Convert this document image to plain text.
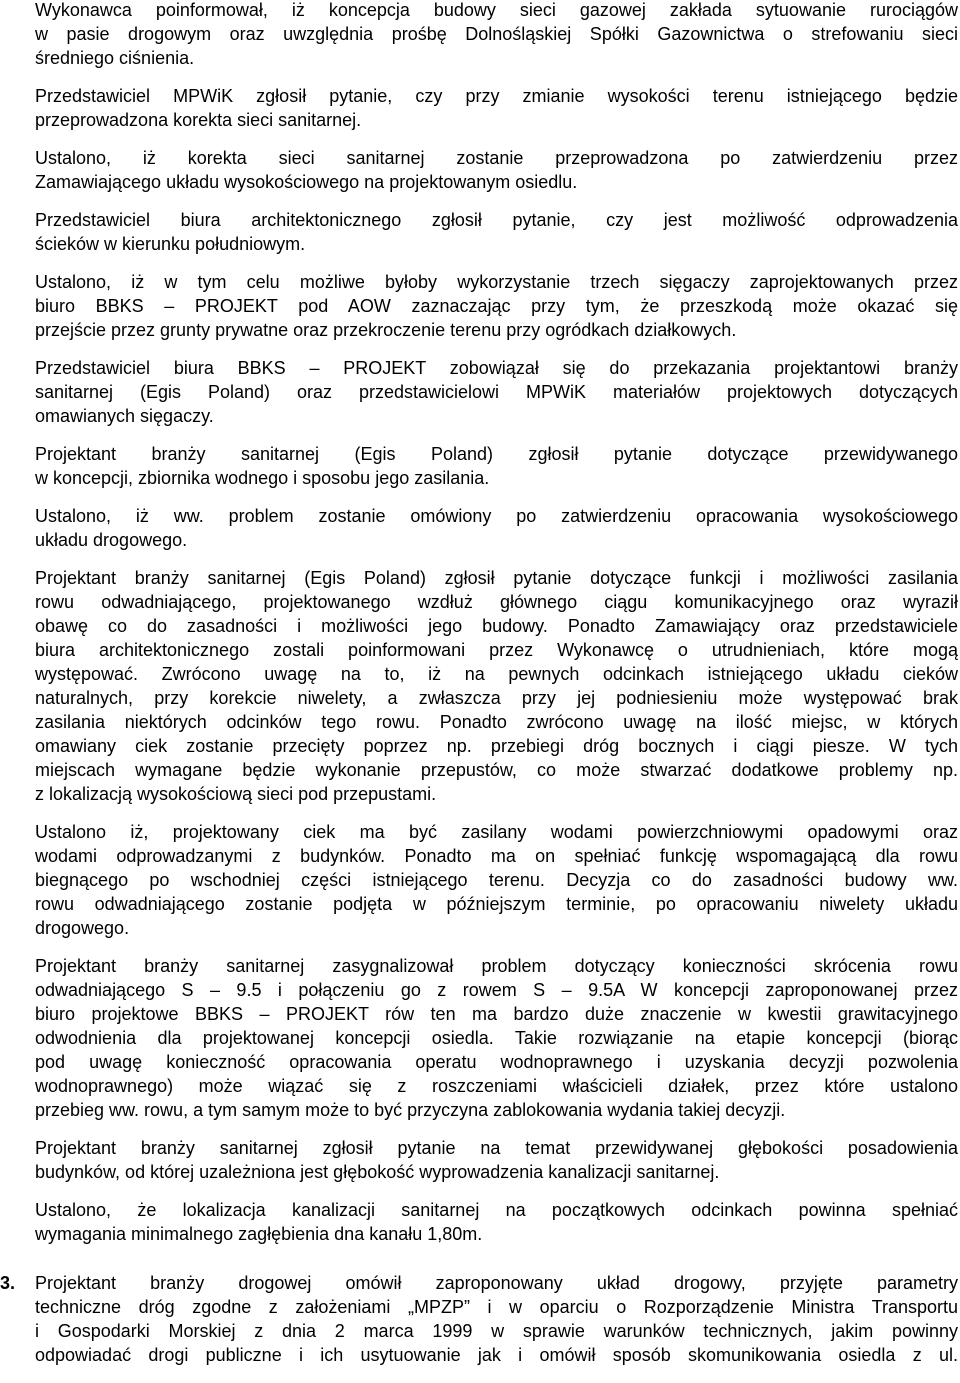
Wykonawca poinformował, iż koncepcja budowy sieci gazowej zakłada sytuowanie rurociągów
w pasie drogowym oraz uwzględnia prośbę Dolnośląskiej Spółki Gazownictwa o strefowaniu sieci
średniego ciśnienia.
Przedstawiciel MPWiK zgłosił pytanie, czy przy zmianie wysokości terenu istniejącego będzie
przeprowadzona korekta sieci sanitarnej.
Ustalono, iż korekta sieci sanitarnej zostanie przeprowadzona po zatwierdzeniu przez
Zamawiającego układu wysokościowego na projektowanym osiedlu.
Przedstawiciel biura architektonicznego zgłosił pytanie, czy jest możliwość odprowadzenia
ścieków w kierunku południowym.
Ustalono, iż w tym celu możliwe byłoby wykorzystanie trzech sięgaczy zaprojektowanych przez
biuro BBKS – PROJEKT pod AOW zaznaczając przy tym, że przeszkodą może okazać się
przejście przez grunty prywatne oraz przekroczenie terenu przy ogródkach działkowych.
Przedstawiciel biura BBKS – PROJEKT zobowiązał się do przekazania projektantowi branży
sanitarnej (Egis Poland) oraz przedstawicielowi MPWiK materiałów projektowych dotyczących
omawianych sięgaczy.
Projektant branży sanitarnej (Egis Poland) zgłosił pytanie dotyczące przewidywanego
w koncepcji, zbiornika wodnego i sposobu jego zasilania.
Ustalono, iż ww. problem zostanie omówiony po zatwierdzeniu opracowania wysokościowego
układu drogowego.
Projektant branży sanitarnej (Egis Poland) zgłosił pytanie dotyczące funkcji i możliwości zasilania
rowu odwadniającego, projektowanego wzdłuż głównego ciągu komunikacyjnego oraz wyraził
obawę co do zasadności i możliwości jego budowy. Ponadto Zamawiający oraz przedstawiciele
biura architektonicznego zostali poinformowani przez Wykonawcę o utrudnieniach, które mogą
występować. Zwrócono uwagę na to, iż na pewnych odcinkach istniejącego układu cieków
naturalnych, przy korekcie niwelety, a zwłaszcza przy jej podniesieniu może występować brak
zasilania niektórych odcinków tego rowu. Ponadto zwrócono uwagę na ilość miejsc, w których
omawiany ciek zostanie przecięty poprzez np. przebiegi dróg bocznych i ciągi piesze. W tych
miejscach wymagane będzie wykonanie przepustów, co może stwarzać dodatkowe problemy np.
z lokalizacją wysokościową sieci pod przepustami.
Ustalono iż, projektowany ciek ma być zasilany wodami powierzchniowymi opadowymi oraz
wodami odprowadzanymi z budynków. Ponadto ma on spełniać funkcję wspomagającą dla rowu
biegnącego po wschodniej części istniejącego terenu. Decyzja co do zasadności budowy ww.
rowu odwadniającego zostanie podjęta w późniejszym terminie, po opracowaniu niwelety układu
drogowego.
Projektant branży sanitarnej zasygnalizował problem dotyczący konieczności skrócenia rowu
odwadniającego S – 9.5 i połączeniu go z rowem S – 9.5A W koncepcji zaproponowanej przez
biuro projektowe BBKS – PROJEKT rów ten ma bardzo duże znaczenie w kwestii grawitacyjnego
odwodnienia dla projektowanej koncepcji osiedla. Takie rozwiązanie na etapie koncepcji (biorąc
pod uwagę konieczność opracowania operatu wodnoprawnego i uzyskania decyzji pozwolenia
wodnoprawnego) może wiązać się z roszczeniami właścicieli działek, przez które ustalono
przebieg ww. rowu, a tym samym może to być przyczyna zablokowania wydania takiej decyzji.
Projektant branży sanitarnej zgłosił pytanie na temat przewidywanej głębokości posadowienia
budynków, od której uzależniona jest głębokość wyprowadzenia kanalizacji sanitarnej.
Ustalono, że lokalizacja kanalizacji sanitarnej na początkowych odcinkach powinna spełniać
wymagania minimalnego zagłębienia dna kanału 1,80m.
3. Projektant branży drogowej omówił zaproponowany układ drogowy, przyjęte parametry
techniczne dróg zgodne z założeniami „MPZP” i w oparciu o Rozporządzenie Ministra Transportu
i Gospodarki Morskiej z dnia 2 marca 1999 w sprawie warunków technicznych, jakim powinny
odpowiadać drogi publiczne i ich usytuowanie jak i omówił sposób skomunikowania osiedla z ul.
